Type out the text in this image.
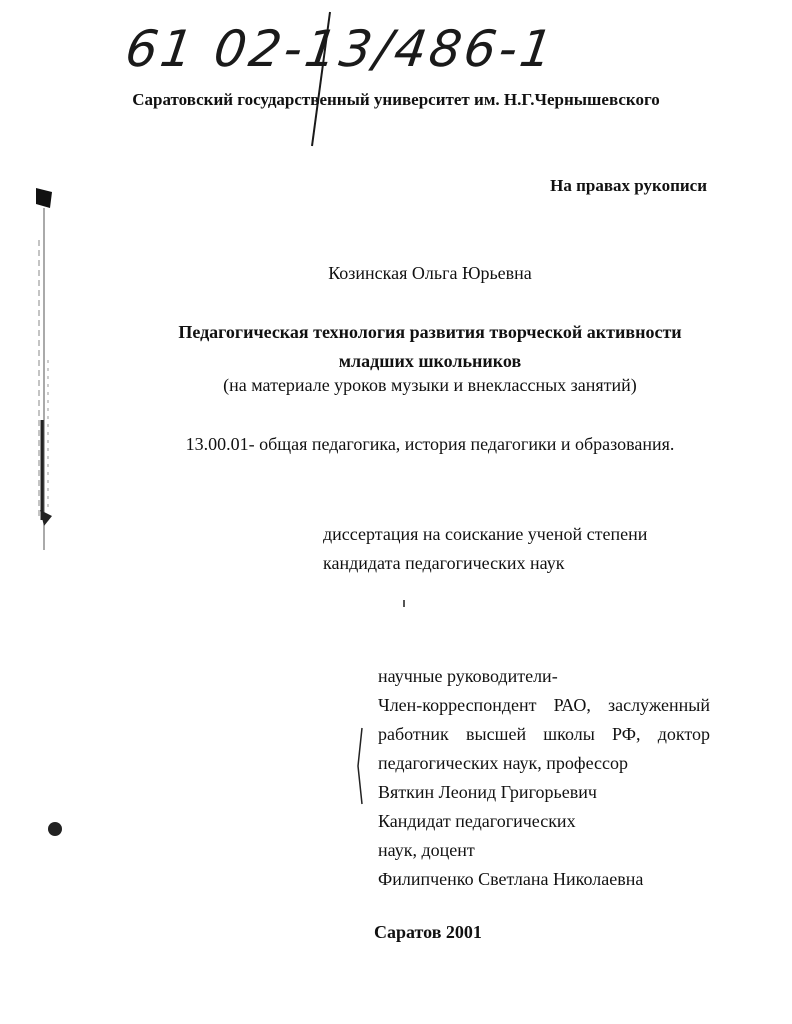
61 02-13/486-1
Саратовский государственный университет им. Н.Г.Чернышевского
На правах рукописи
Козинская Ольга Юрьевна
Педагогическая технология развития творческой активности
младших школьников
(на материале уроков музыки и внеклассных занятий)
13.00.01- общая педагогика, история педагогики и образования.
диссертация на соискание ученой степени
кандидата педагогических наук
научные руководители-
Член-корреспондент РАО, заслуженный
работник высшей школы РФ, доктор
педагогических наук, профессор
Вяткин Леонид Григорьевич
Кандидат педагогических
наук, доцент
Филипченко Светлана Николаевна
Саратов 2001
